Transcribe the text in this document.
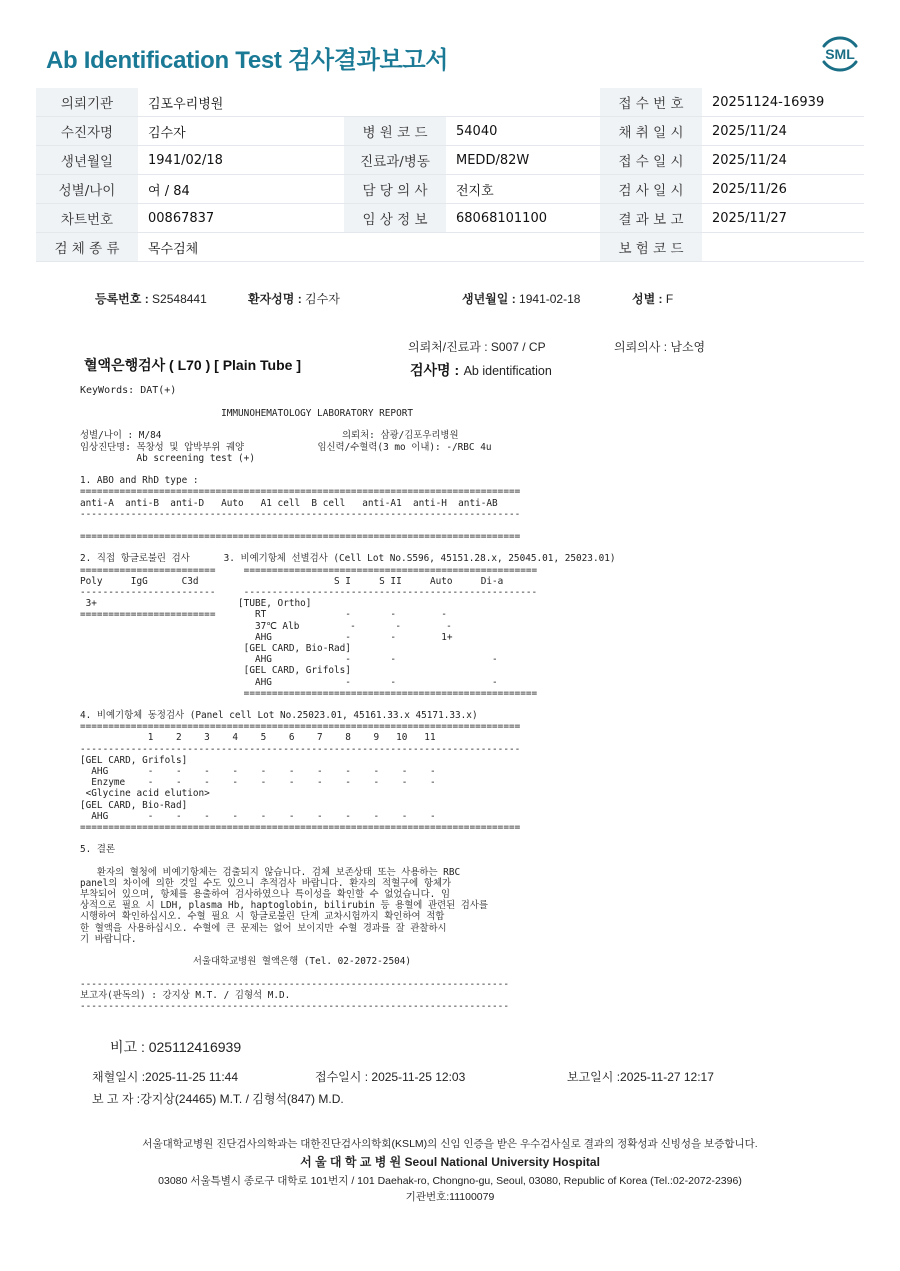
Ab Identification Test 검사결과보고서	SML
의뢰기관	김포우리병원			접 수 번 호	20251124-16939
수진자명	김수자	병 원 코 드	54040	채 취 일 시	2025/11/24
생년월일	1941/02/18	진료과/병동	MEDD/82W	접 수 일 시	2025/11/24
성별/나이	여 / 84	담 당 의 사	전지호	검 사 일 시	2025/11/26
차트번호	00867837	임 상 정 보	68068101100	결 과 보 고	2025/11/27
검 체 종 류	목수검체			보 험 코 드	
등록번호 : S2548441	환자성명 : 김수자	생년월일 : 1941-02-18	성별 : F
의뢰처/진료과 : S007 / CP	의뢰의사 : 남소영
혈액은행검사 ( L70 ) [ Plain Tube ]	검사명 : Ab identification
KeyWords: DAT(+)
IMMUNOHEMATOLOGY LABORATORY REPORT
성별/나이 : M/84                                의뢰처: 삼광/김포우리병원
임상진단명: 목창성 및 압박부위 궤양             임신력/수혈력(3 mo 이내): -/RBC 4u
Ab screening test (+)
1. ABO and RhD type :
==============================================================================
anti-A  anti-B  anti-D   Auto   A1 cell  B cell   anti-A1  anti-H  anti-AB
------------------------------------------------------------------------------
==============================================================================
2. 직접 항글로불린 검사      3. 비예기항체 선별검사 (Cell Lot No.S596, 45151.28.x, 25045.01, 25023.01)
========================     ====================================================
Poly     IgG      C3d                        S I     S II     Auto     Di-a
------------------------     ----------------------------------------------------
3+                         [TUBE, Ortho]
========================       RT              -       -        -
37℃ Alb         -       -        -
AHG             -       -        1+
[GEL CARD, Bio-Rad]
AHG             -       -                 -
[GEL CARD, Grifols]
AHG             -       -                 -
====================================================
4. 비예기항체 동정검사 (Panel cell Lot No.25023.01, 45161.33.x 45171.33.x)
==============================================================================
1    2    3    4    5    6    7    8    9   10   11
------------------------------------------------------------------------------
[GEL CARD, Grifols]
AHG       -    -    -    -    -    -    -    -    -    -    -
Enzyme    -    -    -    -    -    -    -    -    -    -    -
<Glycine acid elution>
[GEL CARD, Bio-Rad]
AHG       -    -    -    -    -    -    -    -    -    -    -
==============================================================================
5. 결론
환자의 혈청에 비예기항체는 검출되지 않습니다. 검체 보존상태 또는 사용하는 RBC
panel의 차이에 의한 것일 수도 있으니 추적검사 바랍니다. 환자의 적혈구에 항체가
부착되어 있으며, 항체를 용출하여 검사하였으나 특이성을 확인할 수 없었습니다. 임
상적으로 필요 시 LDH, plasma Hb, haptoglobin, bilirubin 등 용혈에 관련된 검사를
시행하여 확인하십시오. 수혈 필요 시 항글로불린 단계 교차시험까지 확인하여 적합
한 혈액을 사용하십시오. 수혈에 큰 문제는 없어 보이지만 수혈 경과를 잘 관찰하시
기 바랍니다.
서울대학교병원 혈액은행 (Tel. 02-2072-2504)
----------------------------------------------------------------------------
보고자(판독의) : 강지상 M.T. / 김형석 M.D.
----------------------------------------------------------------------------
비고 : 025112416939
채혈일시 :2025-11-25 11:44	접수일시 : 2025-11-25 12:03	보고일시 :2025-11-27 12:17
보 고 자 :강지상(24465) M.T. / 김형석(847) M.D.
서울대학교병원 진단검사의학과는 대한진단검사의학회(KSLM)의 신임 인증을 받은 우수검사실로 결과의 정확성과 신빙성을 보증합니다.
서 울 대 학 교 병 원 Seoul National University Hospital
03080 서울특별시 종로구 대학로 101번지 / 101 Daehak-ro, Chongno-gu, Seoul, 03080, Republic of Korea (Tel.:02-2072-2396)
기관번호:11100079
